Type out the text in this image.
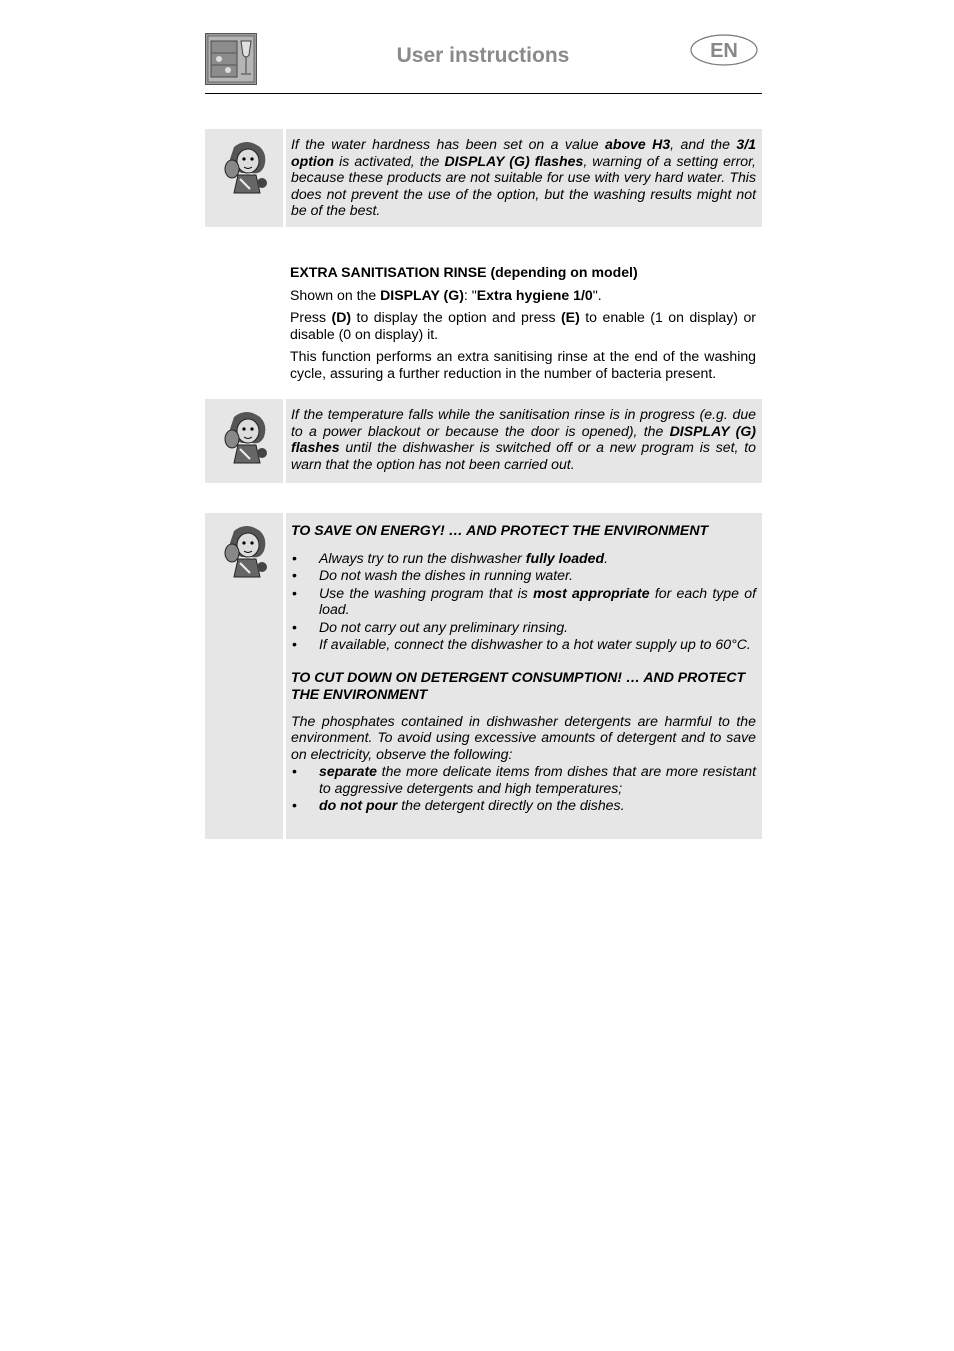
User instructions	EN

If the water hardness has been set on a value above H3, and the 3/1 option is activated, the DISPLAY (G) flashes, warning of a setting error, because these products are not suitable for use with very hard water. This does not prevent the use of the option, but the washing results might not be of the best.

EXTRA SANITISATION RINSE (depending on model)

Shown on the DISPLAY (G): "Extra hygiene 1/0".

Press (D) to display the option and press (E) to enable (1 on display) or disable (0 on display) it.

This function performs an extra sanitising rinse at the end of the washing cycle, assuring a further reduction in the number of bacteria present.

If the temperature falls while the sanitisation rinse is in progress (e.g. due to a power blackout or because the door is opened), the DISPLAY (G) flashes until the dishwasher is switched off or a new program is set, to warn that the option has not been carried out.

TO SAVE ON ENERGY! … AND PROTECT THE ENVIRONMENT

• Always try to run the dishwasher fully loaded.
• Do not wash the dishes in running water.
• Use the washing program that is most appropriate for each type of load.
• Do not carry out any preliminary rinsing.
• If available, connect the dishwasher to a hot water supply up to 60°C.

TO CUT DOWN ON DETERGENT CONSUMPTION! … AND PROTECT THE ENVIRONMENT

The phosphates contained in dishwasher detergents are harmful to the environment. To avoid using excessive amounts of detergent and to save on electricity, observe the following:

• separate the more delicate items from dishes that are more resistant to aggressive detergents and high temperatures;
• do not pour the detergent directly on the dishes.
